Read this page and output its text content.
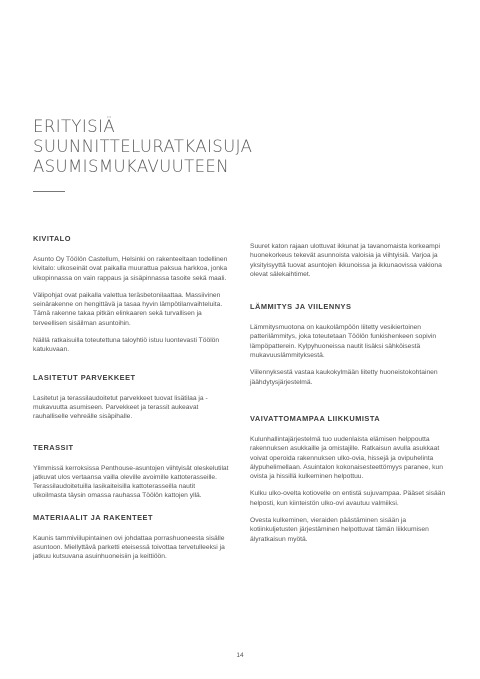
ERITYISIÄ
SUUNNITTELURATKAISUJA
ASUMISMUKAVUUTEEN
KIVITALO

Asunto Oy Töölön Castellum, Helsinki on rakenteeltaan todellinen kivitalo: ulkoseinät ovat paikalla muurattua paksua harkkoa, jonka ulkopinnassa on vain rappaus ja sisäpinnassa tasoite sekä maali.

Välipohjat ovat paikalla valettua teräsbetonilaattaa. Massiivinen seinärakenne on hengittävä ja tasaa hyvin lämpötilanvaihteluita. Tämä rakenne takaa pitkän elinkaaren sekä turvallisen ja terveellisen sisäilman asuntoihin.

Näillä ratkaisuilla toteutettuna taloyhtiö istuu luontevasti Töölön katukuvaan.

LASITETUT PARVEKKEET

Lasitetut ja terassilaudoitetut parvekkeet tuovat lisätilaa ja -mukavuutta asumiseen. Parvekkeet ja terassit aukeavat rauhalliselle vehreälle sisäpihalle.

TERASSIT

Ylimmissä kerroksissa Penthouse-asuntojen viihtyisät oleskelutilat jatkuvat ulos vertaansa vailla oleville avoimille kattoterasseille. Terassilaudoitetuilla lasikaiteisilla kattoterasseilla nautit ulkoilmasta täysin omassa rauhassa Töölön kattojen yllä.

MATERIAALIT JA RAKENTEET

Kaunis tammiviilupintainen ovi johdattaa porrashuoneesta sisälle asuntoon. Miellyttävä parketti eteisessä toivottaa tervetulleeksi ja jatkuu kutsuvana asuinhuoneisiin ja keittiöön.

Suuret katon rajaan ulottuvat ikkunat ja tavanomaista korkeampi huonekorkeus tekevät asunnoista valoisia ja viihtyisiä. Varjoa ja yksityisyyttä tuovat asuntojen ikkunoissa ja ikkunaovissa vakiona olevat sälekaihtimet.

LÄMMITYS JA VIILENNYS

Lämmitysmuotona on kaukolämpöön liitetty vesikiertoinen patterilämmitys, joka toteutetaan Töölön funkishenkeen sopivin lämpöpatterein. Kylpyhuoneissa nautit lisäksi sähköisestä mukavuuslämmityksestä.

Viilennyksestä vastaa kaukokylmään liitetty huoneistokohtainen jäähdytysjärjestelmä.

VAIVATTOMAMPAA LIIKKUMISTA

Kulunhallintajärjestelmä tuo uudenlaista elämisen helppoutta rakennuksen asukkaille ja omistajille. Ratkaisun avulla asukkaat voivat operoida rakennuksen ulko-ovia, hissejä ja ovipuhelinta älypuhelimellaan. Asuintalon kokonaisesteettömyys paranee, kun ovista ja hissillä kulkeminen helpottuu.

Kulku ulko-ovelta kotiovelle on entistä sujuvampaa. Pääset sisään helposti, kun kiinteistön ulko-ovi avautuu valmiiksi.

Ovesta kulkeminen, vieraiden päästäminen sisään ja kotiinkuljetusten järjestäminen helpottuvat tämän liikkumisen älyratkaisun myötä.

14
